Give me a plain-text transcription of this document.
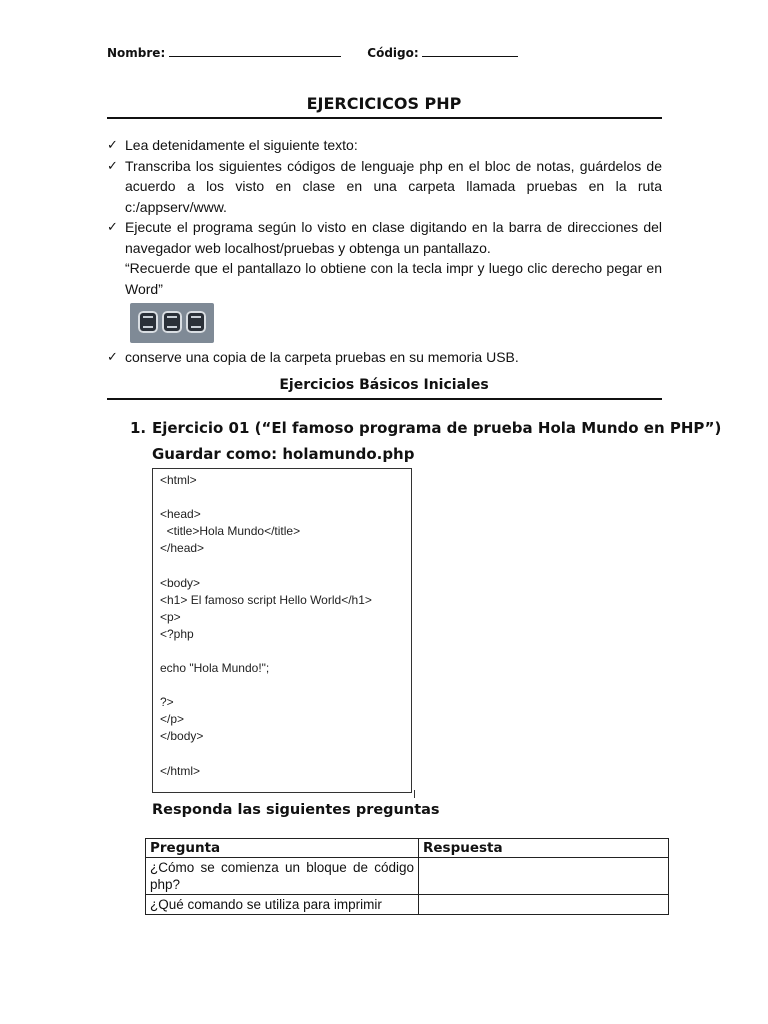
Nombre:	Código:
EJERCICICOS PHP
✓ Lea detenidamente el siguiente texto:
✓ Transcriba los siguientes códigos de lenguaje php en el bloc de notas, guárdelos de acuerdo a los visto en clase en una carpeta llamada pruebas en la ruta c:/appserv/www.
✓ Ejecute el programa según lo visto en clase digitando en la barra de direcciones del navegador web localhost/pruebas y obtenga un pantallazo.
“Recuerde que el pantallazo lo obtiene con la tecla impr y luego clic derecho pegar en Word”
✓ conserve una copia de la carpeta pruebas en su memoria USB.
Ejercicios Básicos Iniciales
1. Ejercicio 01 (“El famoso programa de prueba Hola Mundo en PHP”)
Guardar como: holamundo.php
<html>
<head>
<title>Hola Mundo</title>
</head>
<body>
<h1> El famoso script Hello World</h1>
<p>
<?php
echo "Hola Mundo!";
?>
</p>
</body>
</html>
Responda las siguientes preguntas
Pregunta	Respuesta
¿Cómo se comienza un bloque de código php?	
¿Qué comando se utiliza para imprimir	
